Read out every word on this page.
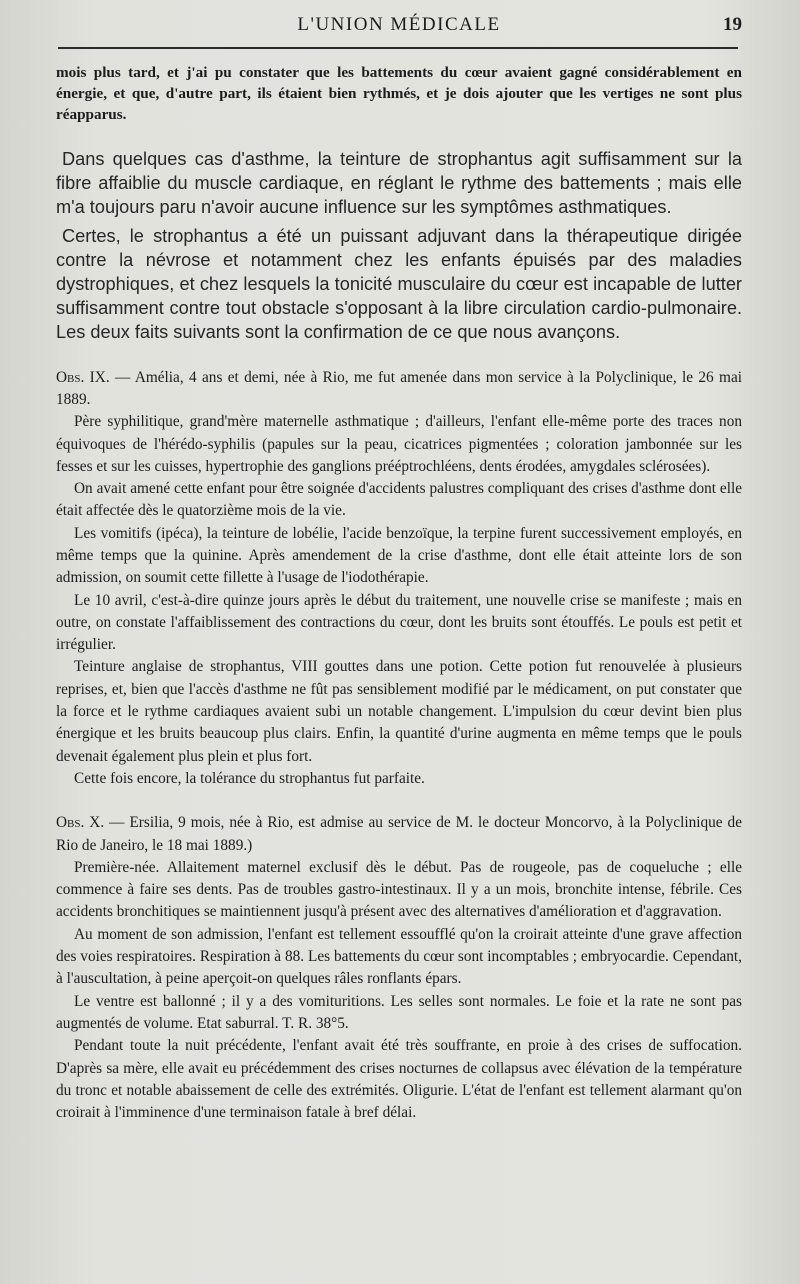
L'UNION MÉDICALE	19

mois plus tard, et j'ai pu constater que les battements du cœur avaient gagné considérablement en énergie, et que, d'autre part, ils étaient bien rythmés, et je dois ajouter que les vertiges ne sont plus réapparus.

Dans quelques cas d'asthme, la teinture de strophantus agit suffisamment sur la fibre affaiblie du muscle cardiaque, en réglant le rythme des battements ; mais elle m'a toujours paru n'avoir aucune influence sur les symptômes asthmatiques.

Certes, le strophantus a été un puissant adjuvant dans la thérapeutique dirigée contre la névrose et notamment chez les enfants épuisés par des maladies dystrophiques, et chez lesquels la tonicité musculaire du cœur est incapable de lutter suffisamment contre tout obstacle s'opposant à la libre circulation cardio-pulmonaire. Les deux faits suivants sont la confirmation de ce que nous avançons.

Obs. IX. — Amélia, 4 ans et demi, née à Rio, me fut amenée dans mon service à la Polyclinique, le 26 mai 1889.

Père syphilitique, grand'mère maternelle asthmatique ; d'ailleurs, l'enfant elle-même porte des traces non équivoques de l'hérédo-syphilis (papules sur la peau, cicatrices pigmentées ; coloration jambonnée sur les fesses et sur les cuisses, hypertrophie des ganglions prééptrochléens, dents érodées, amygdales sclérosées).

On avait amené cette enfant pour être soignée d'accidents palustres compliquant des crises d'asthme dont elle était affectée dès le quatorzième mois de la vie.

Les vomitifs (ipéca), la teinture de lobélie, l'acide benzoïque, la terpine furent successivement employés, en même temps que la quinine. Après amendement de la crise d'asthme, dont elle était atteinte lors de son admission, on soumit cette fillette à l'usage de l'iodothérapie.

Le 10 avril, c'est-à-dire quinze jours après le début du traitement, une nouvelle crise se manifeste ; mais en outre, on constate l'affaiblissement des contractions du cœur, dont les bruits sont étouffés. Le pouls est petit et irrégulier.

Teinture anglaise de strophantus, VIII gouttes dans une potion. Cette potion fut renouvelée à plusieurs reprises, et, bien que l'accès d'asthme ne fût pas sensiblement modifié par le médicament, on put constater que la force et le rythme cardiaques avaient subi un notable changement. L'impulsion du cœur devint bien plus énergique et les bruits beaucoup plus clairs. Enfin, la quantité d'urine augmenta en même temps que le pouls devenait également plus plein et plus fort.

Cette fois encore, la tolérance du strophantus fut parfaite.

Obs. X. — Ersilia, 9 mois, née à Rio, est admise au service de M. le docteur Moncorvo, à la Polyclinique de Rio de Janeiro, le 18 mai 1889.)

Première-née. Allaitement maternel exclusif dès le début. Pas de rougeole, pas de coqueluche ; elle commence à faire ses dents. Pas de troubles gastro-intestinaux. Il y a un mois, bronchite intense, fébrile. Ces accidents bronchitiques se maintiennent jusqu'à présent avec des alternatives d'amélioration et d'aggravation.

Au moment de son admission, l'enfant est tellement essoufflé qu'on la croirait atteinte d'une grave affection des voies respiratoires. Respiration à 88. Les battements du cœur sont incomptables ; embryocardie. Cependant, à l'auscultation, à peine aperçoit-on quelques râles ronflants épars.

Le ventre est ballonné ; il y a des vomituritions. Les selles sont normales. Le foie et la rate ne sont pas augmentés de volume. Etat saburral. T. R. 38°5.

Pendant toute la nuit précédente, l'enfant avait été très souffrante, en proie à des crises de suffocation. D'après sa mère, elle avait eu précédemment des crises nocturnes de collapsus avec élévation de la température du tronc et notable abaissement de celle des extrémités. Oligurie. L'état de l'enfant est tellement alarmant qu'on croirait à l'imminence d'une terminaison fatale à bref délai.
